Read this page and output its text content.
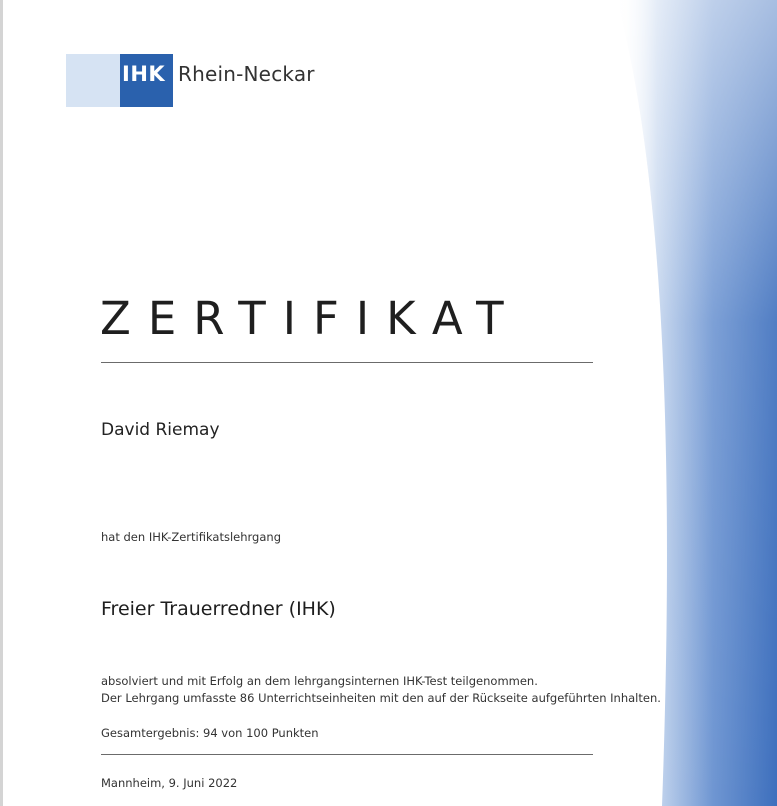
IHK Rhein-Neckar
ZERTIFIKAT
David Riemay
hat den IHK-Zertifikatslehrgang
Freier Trauerredner (IHK)
absolviert und mit Erfolg an dem lehrgangsinternen IHK-Test teilgenommen.
Der Lehrgang umfasste 86 Unterrichtseinheiten mit den auf der Rückseite aufgeführten Inhalten.
Gesamtergebnis: 94 von 100 Punkten
Mannheim, 9. Juni 2022
